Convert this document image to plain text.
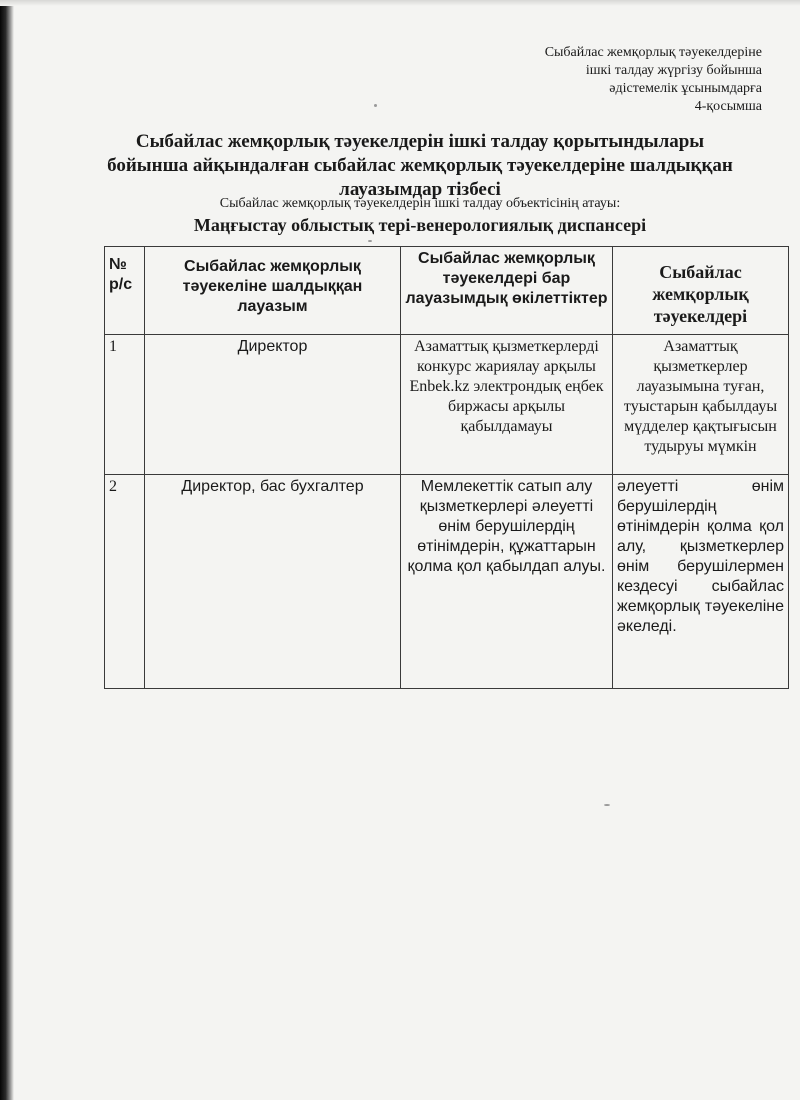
Сыбайлас жемқорлық тәуекелдеріне
ішкі талдау жүргізу бойынша
әдістемелік ұсынымдарға
4-қосымша
Сыбайлас жемқорлық тәуекелдерін ішкі талдау қорытындылары
бойынша айқындалған сыбайлас жемқорлық тәуекелдеріне шалдыққан
лауазымдар тізбесі
Сыбайлас жемқорлық тәуекелдерін ішкі талдау объектісінің атауы:
Маңғыстау облыстық тері-венерологиялық диспансері
№ р/с	Сыбайлас жемқорлық тәуекеліне шалдыққан лауазым	Сыбайлас жемқорлық тәуекелдері бар лауазымдық өкілеттіктер	Сыбайлас жемқорлық тәуекелдері
1	Директор	Азаматтық қызметкерлерді конкурс жариялау арқылы Enbek.kz электрондық еңбек биржасы арқылы қабылдамауы	Азаматтық қызметкерлер лауазымына туған, туыстарын қабылдауы мүдделер қақтығысын тудыруы мүмкін
2	Директор, бас бухгалтер	Мемлекеттік сатып алу қызметкерлері әлеуетті өнім берушілердің өтінімдерін, құжаттарын қолма қол қабылдап алуы.	әлеуетті өнім берушілердің өтінімдерін қолма қол алу, қызметкерлер өнім берушілермен кездесуі сыбайлас жемқорлық тәуекеліне әкеледі.
